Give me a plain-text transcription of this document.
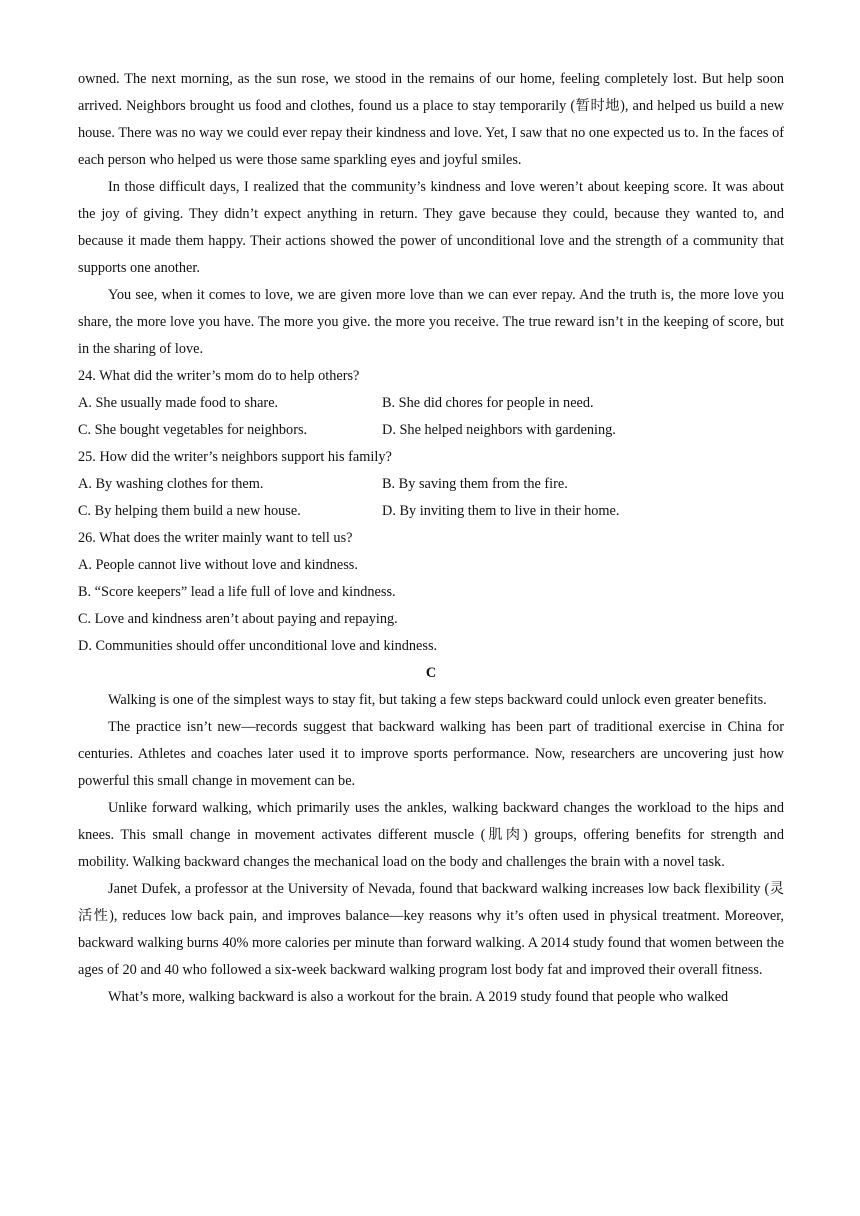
owned. The next morning, as the sun rose, we stood in the remains of our home, feeling completely lost. But help soon arrived. Neighbors brought us food and clothes, found us a place to stay temporarily (暂时地), and helped us build a new house. There was no way we could ever repay their kindness and love. Yet, I saw that no one expected us to. In the faces of each person who helped us were those same sparkling eyes and joyful smiles.

In those difficult days, I realized that the community’s kindness and love weren’t about keeping score. It was about the joy of giving. They didn’t expect anything in return. They gave because they could, because they wanted to, and because it made them happy. Their actions showed the power of unconditional love and the strength of a community that supports one another.

You see, when it comes to love, we are given more love than we can ever repay. And the truth is, the more love you share, the more love you have. The more you give. the more you receive. The true reward isn’t in the keeping of score, but in the sharing of love.

24. What did the writer’s mom do to help others?

A. She usually made food to share.	B. She did chores for people in need.
C. She bought vegetables for neighbors.	D. She helped neighbors with gardening.

25. How did the writer’s neighbors support his family?

A. By washing clothes for them.	B. By saving them from the fire.
C. By helping them build a new house.	D. By inviting them to live in their home.

26. What does the writer mainly want to tell us?

A. People cannot live without love and kindness.

B. “Score keepers” lead a life full of love and kindness.

C. Love and kindness aren’t about paying and repaying.

D. Communities should offer unconditional love and kindness.

C

Walking is one of the simplest ways to stay fit, but taking a few steps backward could unlock even greater benefits.

The practice isn’t new—records suggest that backward walking has been part of traditional exercise in China for centuries. Athletes and coaches later used it to improve sports performance. Now, researchers are uncovering just how powerful this small change in movement can be.

Unlike forward walking, which primarily uses the ankles, walking backward changes the workload to the hips and knees. This small change in movement activates different muscle (肌肉) groups, offering benefits for strength and mobility. Walking backward changes the mechanical load on the body and challenges the brain with a novel task.

Janet Dufek, a professor at the University of Nevada, found that backward walking increases low back flexibility (灵活性), reduces low back pain, and improves balance—key reasons why it’s often used in physical treatment. Moreover, backward walking burns 40% more calories per minute than forward walking. A 2014 study found that women between the ages of 20 and 40 who followed a six-week backward walking program lost body fat and improved their overall fitness.

What’s more, walking backward is also a workout for the brain. A 2019 study found that people who walked
